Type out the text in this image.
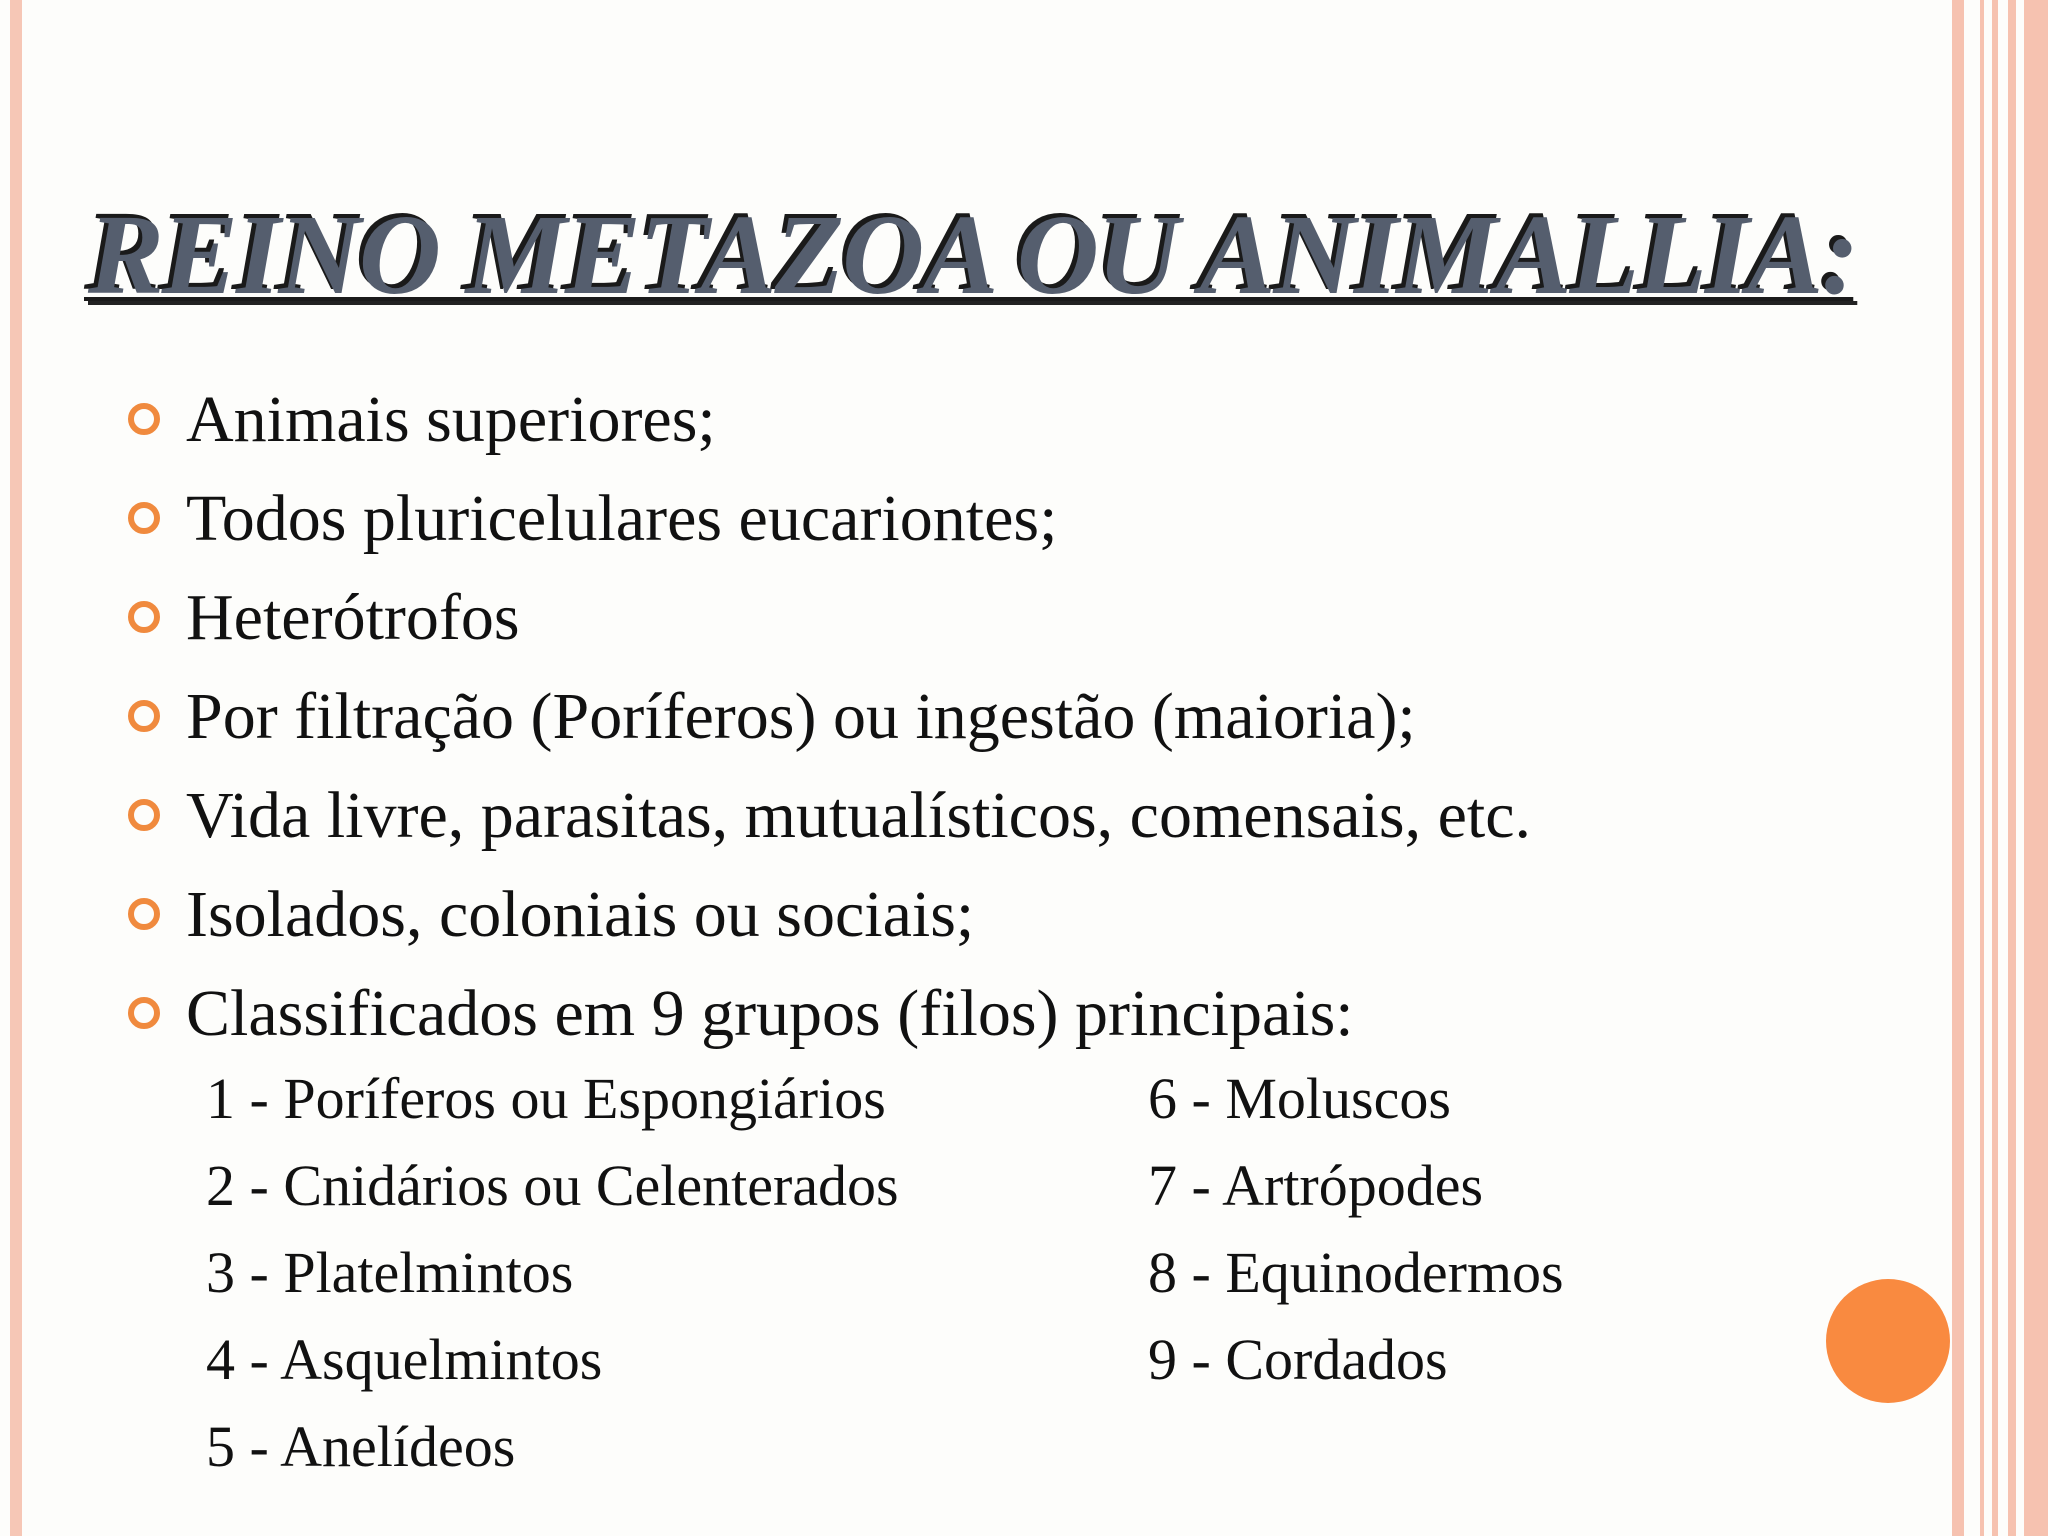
REINO METAZOA OU ANIMALLIA:
Animais superiores;
Todos pluricelulares eucariontes;
Heterótrofos
Por filtração (Poríferos) ou ingestão (maioria);
Vida livre, parasitas, mutualísticos, comensais, etc.
Isolados, coloniais ou sociais;
Classificados em 9 grupos (filos) principais:
1 - Poríferos ou Espongiários
2 - Cnidários ou Celenterados
3 - Platelmintos
4 - Asquelmintos
5 - Anelídeos
6 - Moluscos
7 - Artrópodes
8 - Equinodermos
9 - Cordados
